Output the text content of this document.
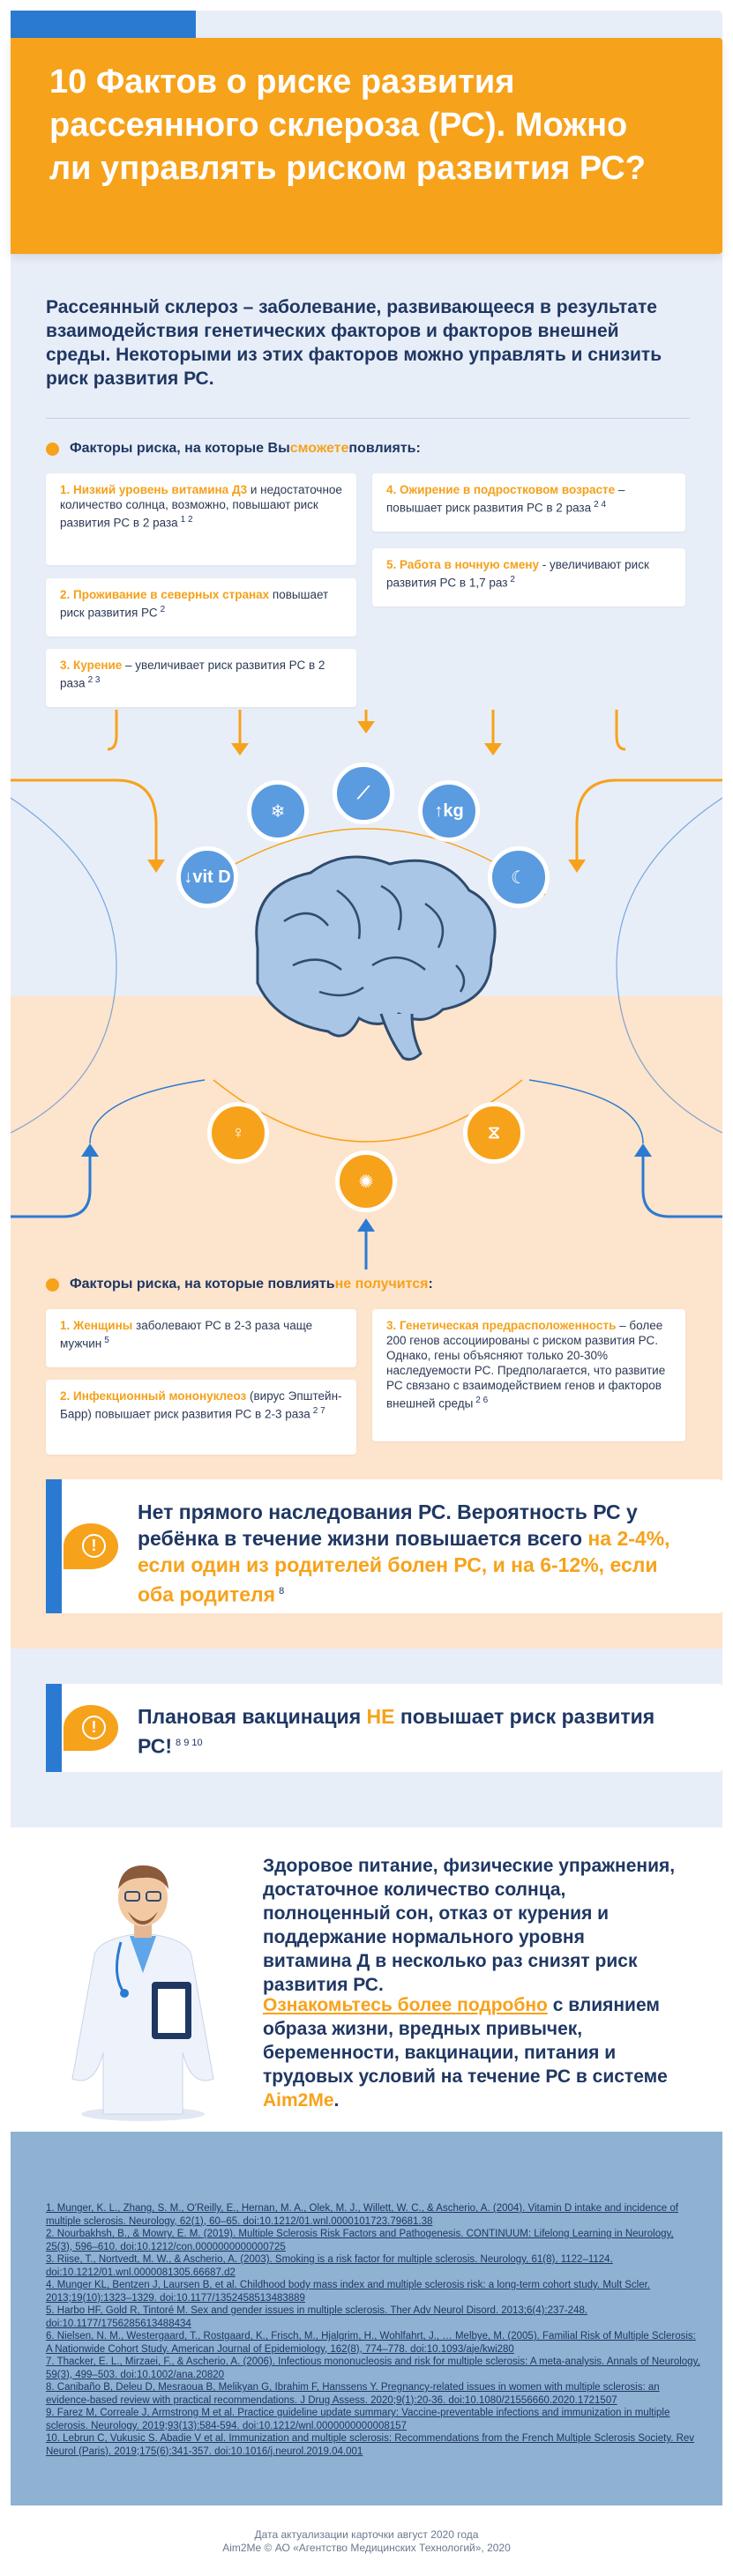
10 Фактов о риске развития рассеянного склероза (РС). Можно ли управлять риском развития РС?

Рассеянный склероз – заболевание, развивающееся в результате взаимодействия генетических факторов и факторов внешней среды. Некоторыми из этих факторов можно управлять и снизить риск развития РС.

Факторы риска, на которые Вы сможете повлиять:
1. Низкий уровень витамина Д3 и недостаточное количество солнца, возможно, повышают риск развития РС в 2 раза $^{1 2}$
2. Проживание в северных странах повышает риск развития РС $^2$
3. Курение – увеличивает риск развития РС в 2 раза $^{2 3}$
4. Ожирение в подростковом возрасте – повышает риск развития РС в 2 раза $^{2 4}$
5. Работа в ночную смену - увеличивают риск развития РС в 1,7 раз $^2$
↓vit D
❄
⟋
↑kg
☾
♀
✺
⧖
Факторы риска, на которые повлиять не получится :
1. Женщины заболевают РС в 2-3 раза чаще мужчин $^5$
2. Инфекционный мононуклеоз (вирус Эпштейн-Барр) повышает риск развития РС в 2-3 раза $^{2 7}$
3. Генетическая предрасположенность – более 200 генов ассоциированы с риском развития РС. Однако, гены объясняют только 20-30% наследуемости РС. Предполагается, что развитие РС связано с взаимодействием генов и факторов внешней среды $^{2 6}$
!

Нет прямого наследования РС. Вероятность РС у ребёнка в течение жизни повышается всего на 2-4%, если один из родителей болен РС, и на 6-12%, если оба родителя $^8$

!	Плановая вакцинация НЕ повышает риск развития РС! $^{8 9 10}$

Здоровое питание, физические упражнения, достаточное количество солнца, полноценный сон, отказ от курения и поддержание нормального уровня витамина Д в несколько раз снизят риск развития РС.

Ознакомьтесь более подробно с влиянием образа жизни, вредных привычек, беременности, вакцинации, питания и трудовых условий на течение РС в системе Aim2Me.

1. Munger, K. L., Zhang, S. M., O'Reilly, E., Hernan, M. A., Olek, M. J., Willett, W. C., & Ascherio, A. (2004). Vitamin D intake and incidence of multiple sclerosis. Neurology, 62(1), 60–65. doi:10.1212/01.wnl.0000101723.79681.38

2. Nourbakhsh, B., & Mowry, E. M. (2019). Multiple Sclerosis Risk Factors and Pathogenesis. CONTINUUM: Lifelong Learning in Neurology, 25(3), 596–610. doi:10.1212/con.0000000000000725

3. Riise, T., Nortvedt, M. W., & Ascherio, A. (2003). Smoking is a risk factor for multiple sclerosis. Neurology, 61(8), 1122–1124. doi:10.1212/01.wnl.0000081305.66687.d2

4. Munger KL, Bentzen J, Laursen B, et al. Childhood body mass index and multiple sclerosis risk: a long-term cohort study. Mult Scler. 2013;19(10):1323–1329. doi:10.1177/1352458513483889

5. Harbo HF, Gold R, Tintoré M. Sex and gender issues in multiple sclerosis. Ther Adv Neurol Disord. 2013;6(4):237-248. doi:10.1177/1756285613488434

6. Nielsen, N. M., Westergaard, T., Rostgaard, K., Frisch, M., Hjalgrim, H., Wohlfahrt, J., … Melbye, M. (2005). Familial Risk of Multiple Sclerosis: A Nationwide Cohort Study. American Journal of Epidemiology, 162(8), 774–778. doi:10.1093/aje/kwi280

7. Thacker, E. L., Mirzaei, F., & Ascherio, A. (2006). Infectious mononucleosis and risk for multiple sclerosis: A meta-analysis. Annals of Neurology, 59(3), 499–503. doi:10.1002/ana.20820

8. Canibaño B, Deleu D, Mesraoua B, Melikyan G, Ibrahim F, Hanssens Y. Pregnancy-related issues in women with multiple sclerosis: an evidence-based review with practical recommendations. J Drug Assess. 2020;9(1):20-36. doi:10.1080/21556660.2020.1721507

9. Farez M, Correale J, Armstrong M et al. Practice guideline update summary: Vaccine-preventable infections and immunization in multiple sclerosis. Neurology. 2019;93(13):584-594. doi:10.1212/wnl.0000000000008157

10. Lebrun C, Vukusic S. Abadie V et al. Immunization and multiple sclerosis: Recommendations from the French Multiple Sclerosis Society. Rev Neurol (Paris). 2019;175(6):341-357. doi:10.1016/j.neurol.2019.04.001

Дата актуализации карточки август 2020 года
Aim2Me © АО «Агентство Медицинских Технологий», 2020
